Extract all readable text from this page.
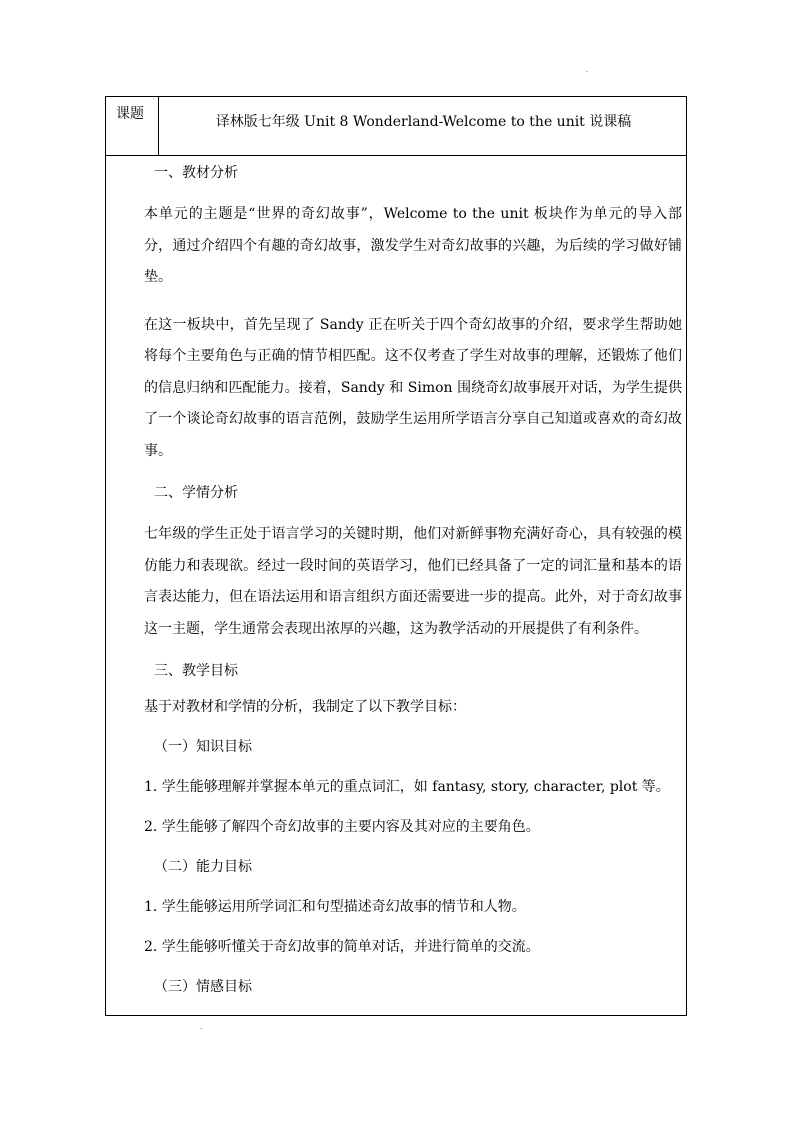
课题	译林版七年级 Unit 8 Wonderland-Welcome to the unit 说课稿
一、教材分析

本单元的主题是“世界的奇幻故事”，Welcome to the unit 板块作为单元的导入部分，通过介绍四个有趣的奇幻故事，激发学生对奇幻故事的兴趣，为后续的学习做好铺垫。

在这一板块中，首先呈现了 Sandy 正在听关于四个奇幻故事的介绍，要求学生帮助她将每个主要角色与正确的情节相匹配。这不仅考查了学生对故事的理解，还锻炼了他们的信息归纳和匹配能力。接着，Sandy 和 Simon 围绕奇幻故事展开对话，为学生提供了一个谈论奇幻故事的语言范例，鼓励学生运用所学语言分享自己知道或喜欢的奇幻故事。

二、学情分析

七年级的学生正处于语言学习的关键时期，他们对新鲜事物充满好奇心，具有较强的模仿能力和表现欲。经过一段时间的英语学习，他们已经具备了一定的词汇量和基本的语言表达能力，但在语法运用和语言组织方面还需要进一步的提高。此外，对于奇幻故事这一主题，学生通常会表现出浓厚的兴趣，这为教学活动的开展提供了有利条件。

三、教学目标
基于对教材和学情的分析，我制定了以下教学目标：
（一）知识目标
1. 学生能够理解并掌握本单元的重点词汇，如 fantasy, story, character, plot 等。
2. 学生能够了解四个奇幻故事的主要内容及其对应的主要角色。
（二）能力目标
1. 学生能够运用所学词汇和句型描述奇幻故事的情节和人物。
2. 学生能够听懂关于奇幻故事的简单对话，并进行简单的交流。
（三）情感目标
